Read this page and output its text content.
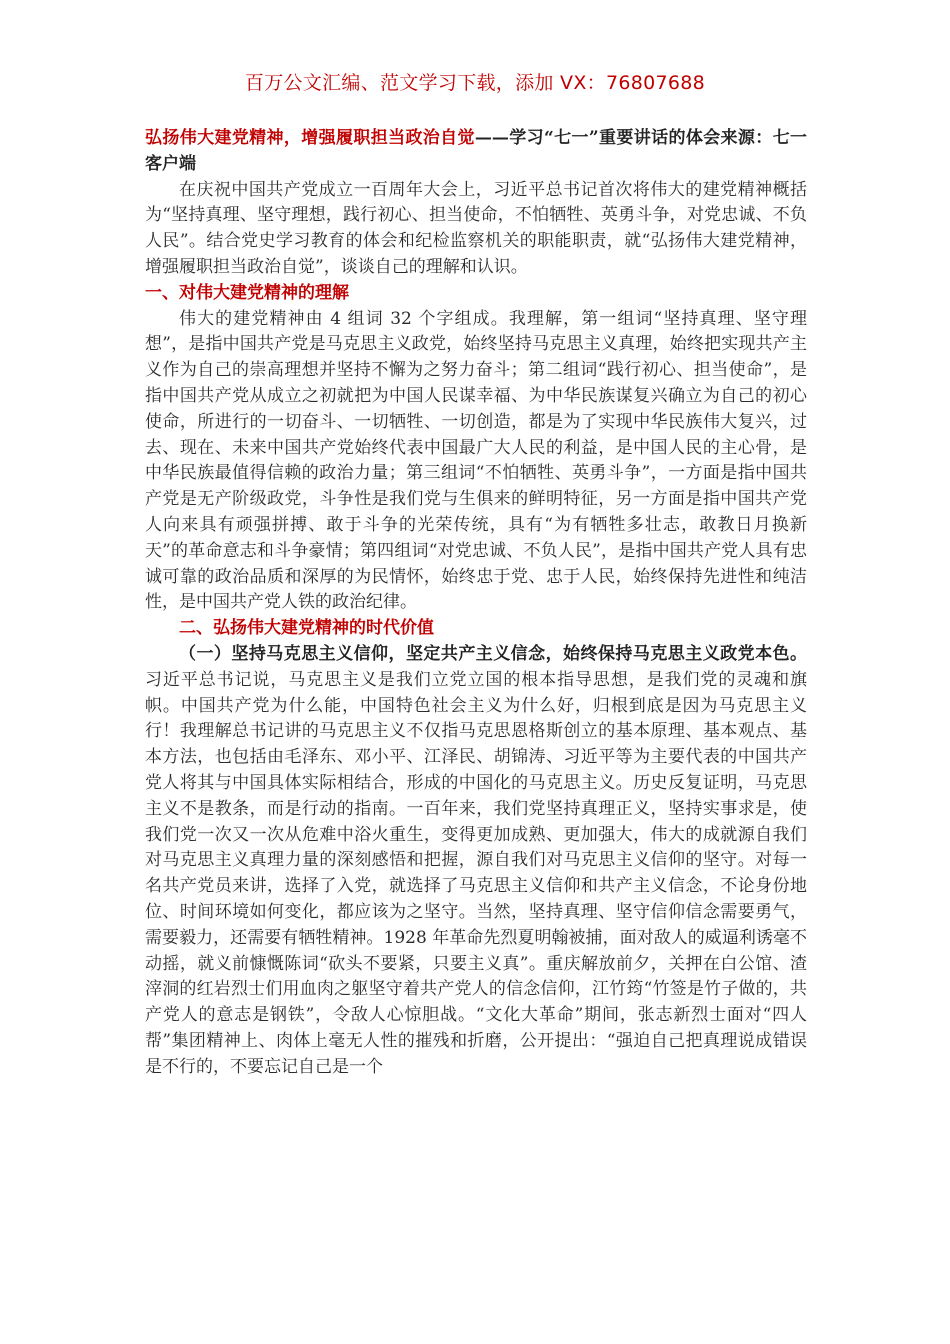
百万公文汇编、范文学习下载，添加 VX：76807688

弘扬伟大建党精神，增强履职担当政治自觉——学习“七一”重要讲话的体会来源：七一客户端

在庆祝中国共产党成立一百周年大会上，习近平总书记首次将伟大的建党精神概括为“坚持真理、坚守理想，践行初心、担当使命，不怕牺牲、英勇斗争，对党忠诚、不负人民”。结合党史学习教育的体会和纪检监察机关的职能职责，就“弘扬伟大建党精神，增强履职担当政治自觉”，谈谈自己的理解和认识。

一、对伟大建党精神的理解

伟大的建党精神由 4 组词 32 个字组成。我理解，第一组词“坚持真理、坚守理想”，是指中国共产党是马克思主义政党，始终坚持马克思主义真理，始终把实现共产主义作为自己的崇高理想并坚持不懈为之努力奋斗；第二组词“践行初心、担当使命”，是指中国共产党从成立之初就把为中国人民谋幸福、为中华民族谋复兴确立为自己的初心使命，所进行的一切奋斗、一切牺牲、一切创造，都是为了实现中华民族伟大复兴，过去、现在、未来中国共产党始终代表中国最广大人民的利益，是中国人民的主心骨，是中华民族最值得信赖的政治力量；第三组词“不怕牺牲、英勇斗争”，一方面是指中国共产党是无产阶级政党，斗争性是我们党与生俱来的鲜明特征，另一方面是指中国共产党人向来具有顽强拼搏、敢于斗争的光荣传统，具有“为有牺牲多壮志，敢教日月换新天”的革命意志和斗争豪情；第四组词“对党忠诚、不负人民”，是指中国共产党人具有忠诚可靠的政治品质和深厚的为民情怀，始终忠于党、忠于人民，始终保持先进性和纯洁性，是中国共产党人铁的政治纪律。

二、弘扬伟大建党精神的时代价值

（一）坚持马克思主义信仰，坚定共产主义信念，始终保持马克思主义政党本色。习近平总书记说，马克思主义是我们立党立国的根本指导思想，是我们党的灵魂和旗帜。中国共产党为什么能，中国特色社会主义为什么好，归根到底是因为马克思主义行！我理解总书记讲的马克思主义不仅指马克思恩格斯创立的基本原理、基本观点、基本方法，也包括由毛泽东、邓小平、江泽民、胡锦涛、习近平等为主要代表的中国共产党人将其与中国具体实际相结合，形成的中国化的马克思主义。历史反复证明，马克思主义不是教条，而是行动的指南。一百年来，我们党坚持真理正义，坚持实事求是，使我们党一次又一次从危难中浴火重生，变得更加成熟、更加强大，伟大的成就源自我们对马克思主义真理力量的深刻感悟和把握，源自我们对马克思主义信仰的坚守。对每一名共产党员来讲，选择了入党，就选择了马克思主义信仰和共产主义信念，不论身份地位、时间环境如何变化，都应该为之坚守。当然，坚持真理、坚守信仰信念需要勇气，需要毅力，还需要有牺牲精神。1928 年革命先烈夏明翰被捕，面对敌人的威逼利诱毫不动摇，就义前慷慨陈词“砍头不要紧，只要主义真”。重庆解放前夕，关押在白公馆、渣滓洞的红岩烈士们用血肉之躯坚守着共产党人的信念信仰，江竹筠“竹签是竹子做的，共产党人的意志是钢铁”，令敌人心惊胆战。“文化大革命”期间，张志新烈士面对“四人帮”集团精神上、肉体上毫无人性的摧残和折磨，公开提出：“强迫自己把真理说成错误是不行的，不要忘记自己是一个
